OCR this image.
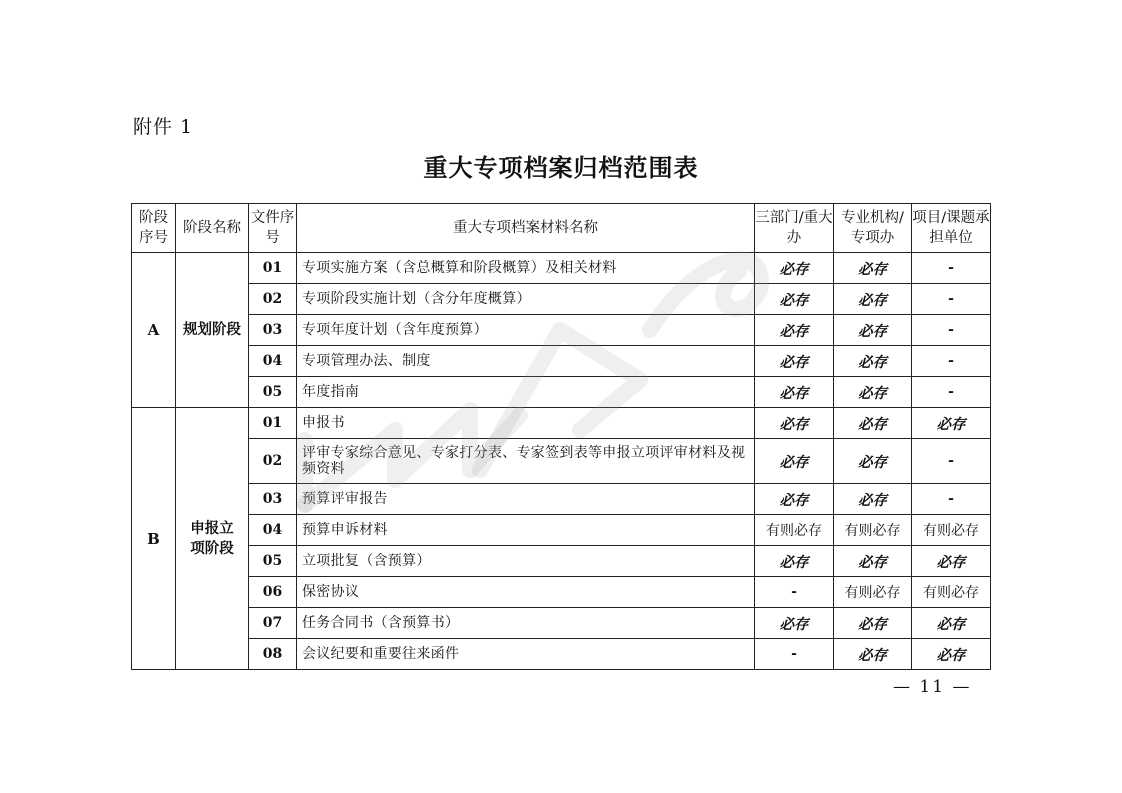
附件 1
重大专项档案归档范围表
阶段序号	阶段名称	文件序号	重大专项档案材料名称	三部门/重大办	专业机构/专项办	项目/课题承担单位
A	规划阶段	01	专项实施方案（含总概算和阶段概算）及相关材料	必存	必存	-
		02	专项阶段实施计划（含分年度概算）	必存	必存	-
		03	专项年度计划（含年度预算）	必存	必存	-
		04	专项管理办法、制度	必存	必存	-
		05	年度指南	必存	必存	-
B	申报立项阶段	01	申报书	必存	必存	必存
		02	评审专家综合意见、专家打分表、专家签到表等申报立项评审材料及视频资料	必存	必存	-
		03	预算评审报告	必存	必存	-
		04	预算申诉材料	有则必存	有则必存	有则必存
		05	立项批复（含预算）	必存	必存	必存
		06	保密协议	-	有则必存	有则必存
		07	任务合同书（含预算书）	必存	必存	必存
		08	会议纪要和重要往来函件	-	必存	必存
— 11 —
